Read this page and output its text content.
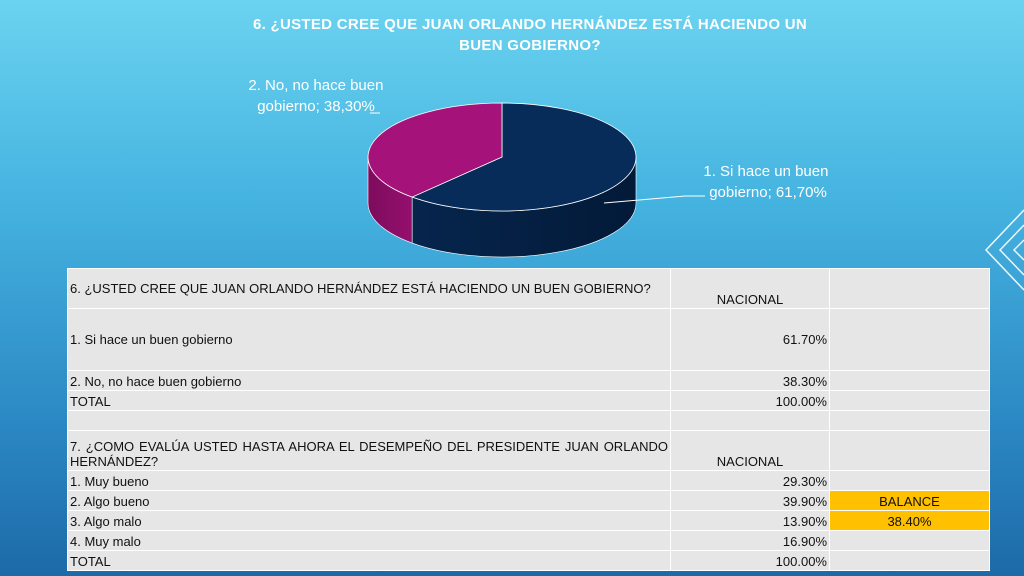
6. ¿USTED CREE QUE JUAN ORLANDO HERNÁNDEZ ESTÁ HACIENDO UN BUEN GOBIERNO?
2. No, no hace buen gobierno; 38,30%
1. Si hace un buen gobierno; 61,70%
6. ¿USTED CREE QUE JUAN ORLANDO HERNÁNDEZ ESTÁ HACIENDO UN BUEN GOBIERNO?	NACIONAL	
1. Si hace un buen gobierno	61.70%	
2. No, no hace buen gobierno	38.30%	
TOTAL	100.00%	

7. ¿COMO EVALÚA USTED HASTA AHORA EL DESEMPEÑO DEL PRESIDENTE JUAN ORLANDO HERNÁNDEZ?	NACIONAL	
1. Muy bueno	29.30%	
2. Algo bueno	39.90%	BALANCE
3. Algo malo	13.90%	38.40%
4. Muy malo	16.90%	
TOTAL	100.00%	
